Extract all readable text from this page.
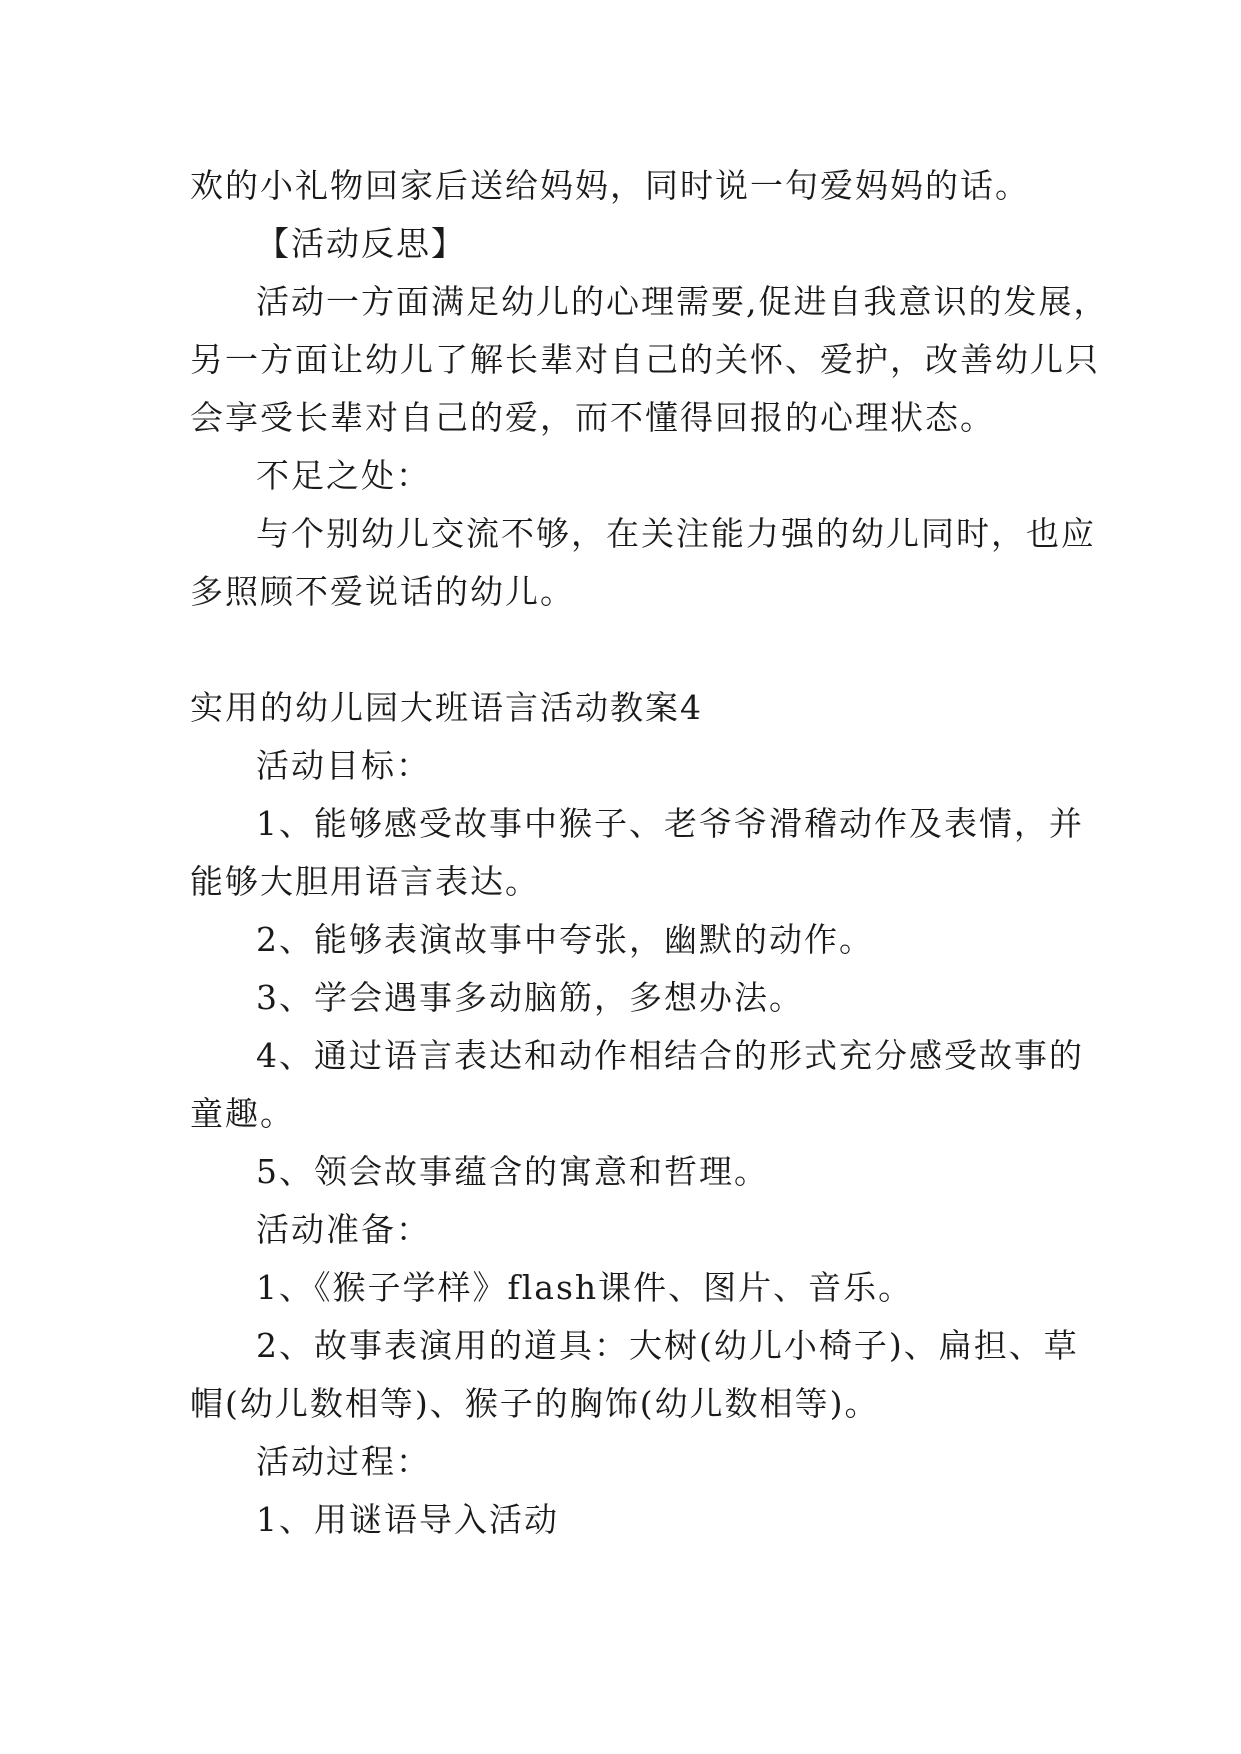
欢的小礼物回家后送给妈妈，同时说一句爱妈妈的话。
【活动反思】
活动一方面满足幼儿的心理需要,促进自我意识的发展，
另一方面让幼儿了解长辈对自己的关怀、爱护，改善幼儿只
会享受长辈对自己的爱，而不懂得回报的心理状态。
不足之处：
与个别幼儿交流不够，在关注能力强的幼儿同时，也应
多照顾不爱说话的幼儿。
实用的幼儿园大班语言活动教案4
活动目标：
1、能够感受故事中猴子、老爷爷滑稽动作及表情，并
能够大胆用语言表达。
2、能够表演故事中夸张，幽默的动作。
3、学会遇事多动脑筋，多想办法。
4、通过语言表达和动作相结合的形式充分感受故事的
童趣。
5、领会故事蕴含的寓意和哲理。
活动准备：
1、《猴子学样》flash课件、图片、音乐。
2、故事表演用的道具：大树(幼儿小椅子)、扁担、草
帽(幼儿数相等)、猴子的胸饰(幼儿数相等)。
活动过程：
1、用谜语导入活动
